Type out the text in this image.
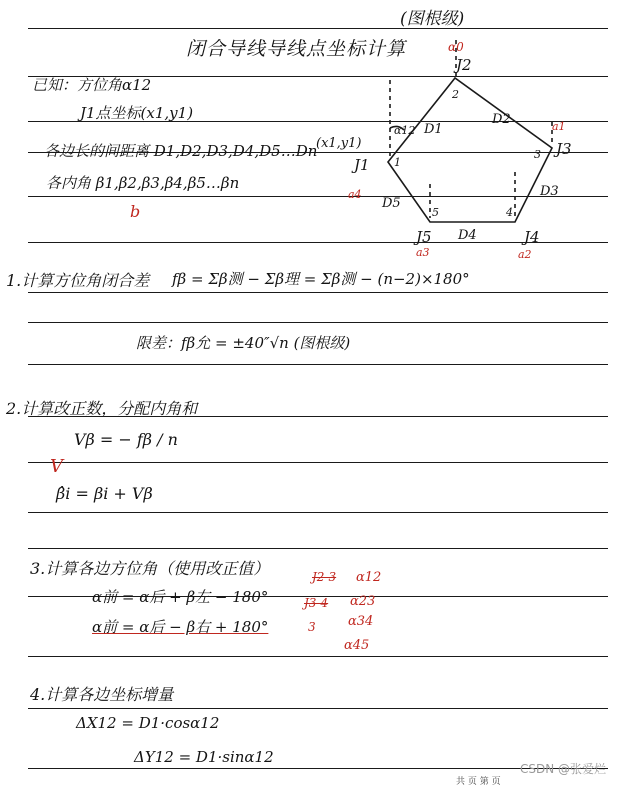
(图根级)
闭合导线导线点坐标计算
已知：方位角α12
J1点坐标(x1,y1)
各边长的间距离 D1,D2,D3,D4,D5…Dn
各内角 β1,β2,β3,β4,β5…βn
b
J2
J3
J4
J5
J1 1
2
3
4
5
D1
D2
D3
D4
D5
(x1,y1)
α12
α0
a1
a2
a3
a4
1.计算方位角闭合差 fβ = Σβ测 − Σβ理 = Σβ测 − (n−2)×180°
限差：fβ允 = ±40″√n (图根级)
2.计算改正数，分配内角和
Vβ = − fβ / n
V
β̂i = βi + Vβ
3.计算各边方位角（使用改正值）
α前 = α后 + β左 − 180°
α前 = α后 − β右 + 180°
J2-3 α12
J3-4 α23
3 α34
α45
4.计算各边坐标增量
ΔX12 = D1·cosα12
ΔY12 = D1·sinα12
CSDN @张爱烂
共 页 第 页
